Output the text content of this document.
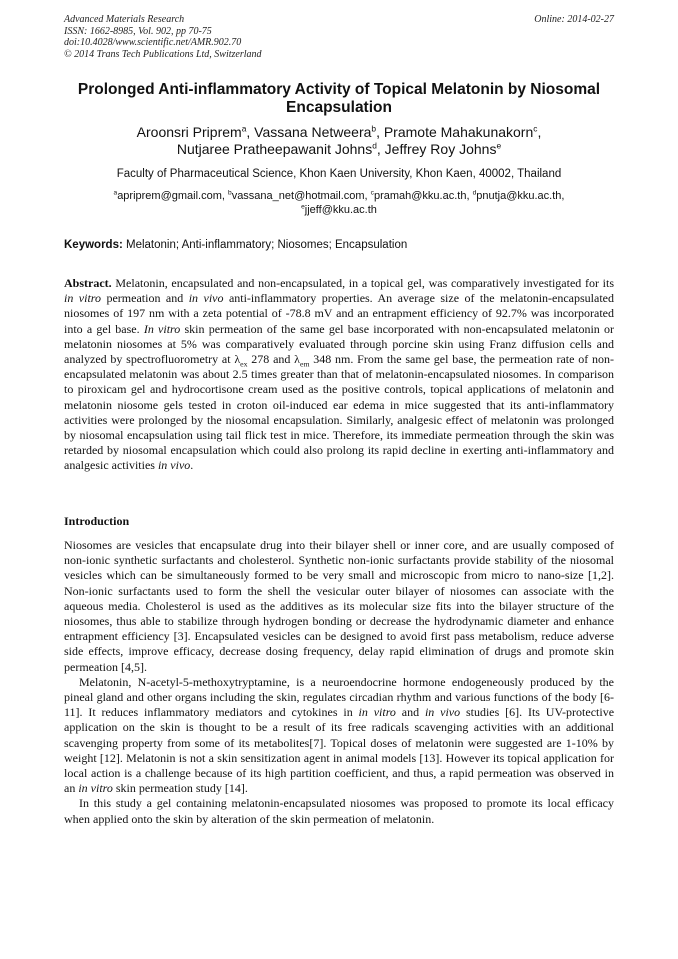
Advanced Materials Research
ISSN: 1662-8985, Vol. 902, pp 70-75
doi:10.4028/www.scientific.net/AMR.902.70
© 2014 Trans Tech Publications Ltd, Switzerland
Online: 2014-02-27
Prolonged Anti-inflammatory Activity of Topical Melatonin by Niosomal Encapsulation
Aroonsri Priprem$^a$, Vassana Netweera$^b$, Pramote Mahakunakorn$^c$,
Nutjaree Pratheepawanit Johns$^d$, Jeffrey Roy Johns$^e$
Faculty of Pharmaceutical Science, Khon Kaen University, Khon Kaen, 40002, Thailand
$^a$apriprem@gmail.com, $^b$vassana_net@hotmail.com, $^c$pramah@kku.ac.th, $^d$pnutja@kku.ac.th,
$^e$jjeff@kku.ac.th
Keywords: Melatonin; Anti-inflammatory; Niosomes; Encapsulation
Abstract. Melatonin, encapsulated and non-encapsulated, in a topical gel, was comparatively investigated for its in vitro permeation and in vivo anti-inflammatory properties. An average size of the melatonin-encapsulated niosomes of 197 nm with a zeta potential of -78.8 mV and an entrapment efficiency of 92.7% was incorporated into a gel base. In vitro skin permeation of the same gel base incorporated with non-encapsulated melatonin or melatonin niosomes at 5% was comparatively evaluated through porcine skin using Franz diffusion cells and analyzed by spectrofluorometry at $\lambda_{ex}$ 278 and $\lambda_{em}$ 348 nm. From the same gel base, the permeation rate of non-encapsulated melatonin was about 2.5 times greater than that of melatonin-encapsulated niosomes. In comparison to piroxicam gel and hydrocortisone cream used as the positive controls, topical applications of melatonin and melatonin niosome gels tested in croton oil-induced ear edema in mice suggested that its anti-inflammatory activities were prolonged by the niosomal encapsulation. Similarly, analgesic effect of melatonin was prolonged by niosomal encapsulation using tail flick test in mice. Therefore, its immediate permeation through the skin was retarded by niosomal encapsulation which could also prolong its rapid decline in exerting anti-inflammatory and analgesic activities in vivo.
Introduction

Niosomes are vesicles that encapsulate drug into their bilayer shell or inner core, and are usually composed of non-ionic synthetic surfactants and cholesterol. Synthetic non-ionic surfactants provide stability of the niosomal vesicles which can be simultaneously formed to be very small and microscopic from micro to nano-size [1,2]. Non-ionic surfactants used to form the shell the vesicular outer bilayer of niosomes can associate with the aqueous media. Cholesterol is used as the additives as its molecular size fits into the bilayer structure of the niosomes, thus able to stabilize through hydrogen bonding or decrease the hydrodynamic diameter and enhance entrapment efficiency [3]. Encapsulated vesicles can be designed to avoid first pass metabolism, reduce adverse side effects, improve efficacy, decrease dosing frequency, delay rapid elimination of drugs and promote skin permeation [4,5].

Melatonin, N-acetyl-5-methoxytryptamine, is a neuroendocrine hormone endogeneously produced by the pineal gland and other organs including the skin, regulates circadian rhythm and various functions of the body [6-11]. It reduces inflammatory mediators and cytokines in in vitro and in vivo studies [6]. Its UV-protective application on the skin is thought to be a result of its free radicals scavenging activities with an additional scavenging property from some of its metabolites[7]. Topical doses of melatonin were suggested are 1-10% by weight [12]. Melatonin is not a skin sensitization agent in animal models [13]. However its topical application for local action is a challenge because of its high partition coefficient, and thus, a rapid permeation was observed in an in vitro skin permeation study [14].

In this study a gel containing melatonin-encapsulated niosomes was proposed to promote its local efficacy when applied onto the skin by alteration of the skin permeation of melatonin.
